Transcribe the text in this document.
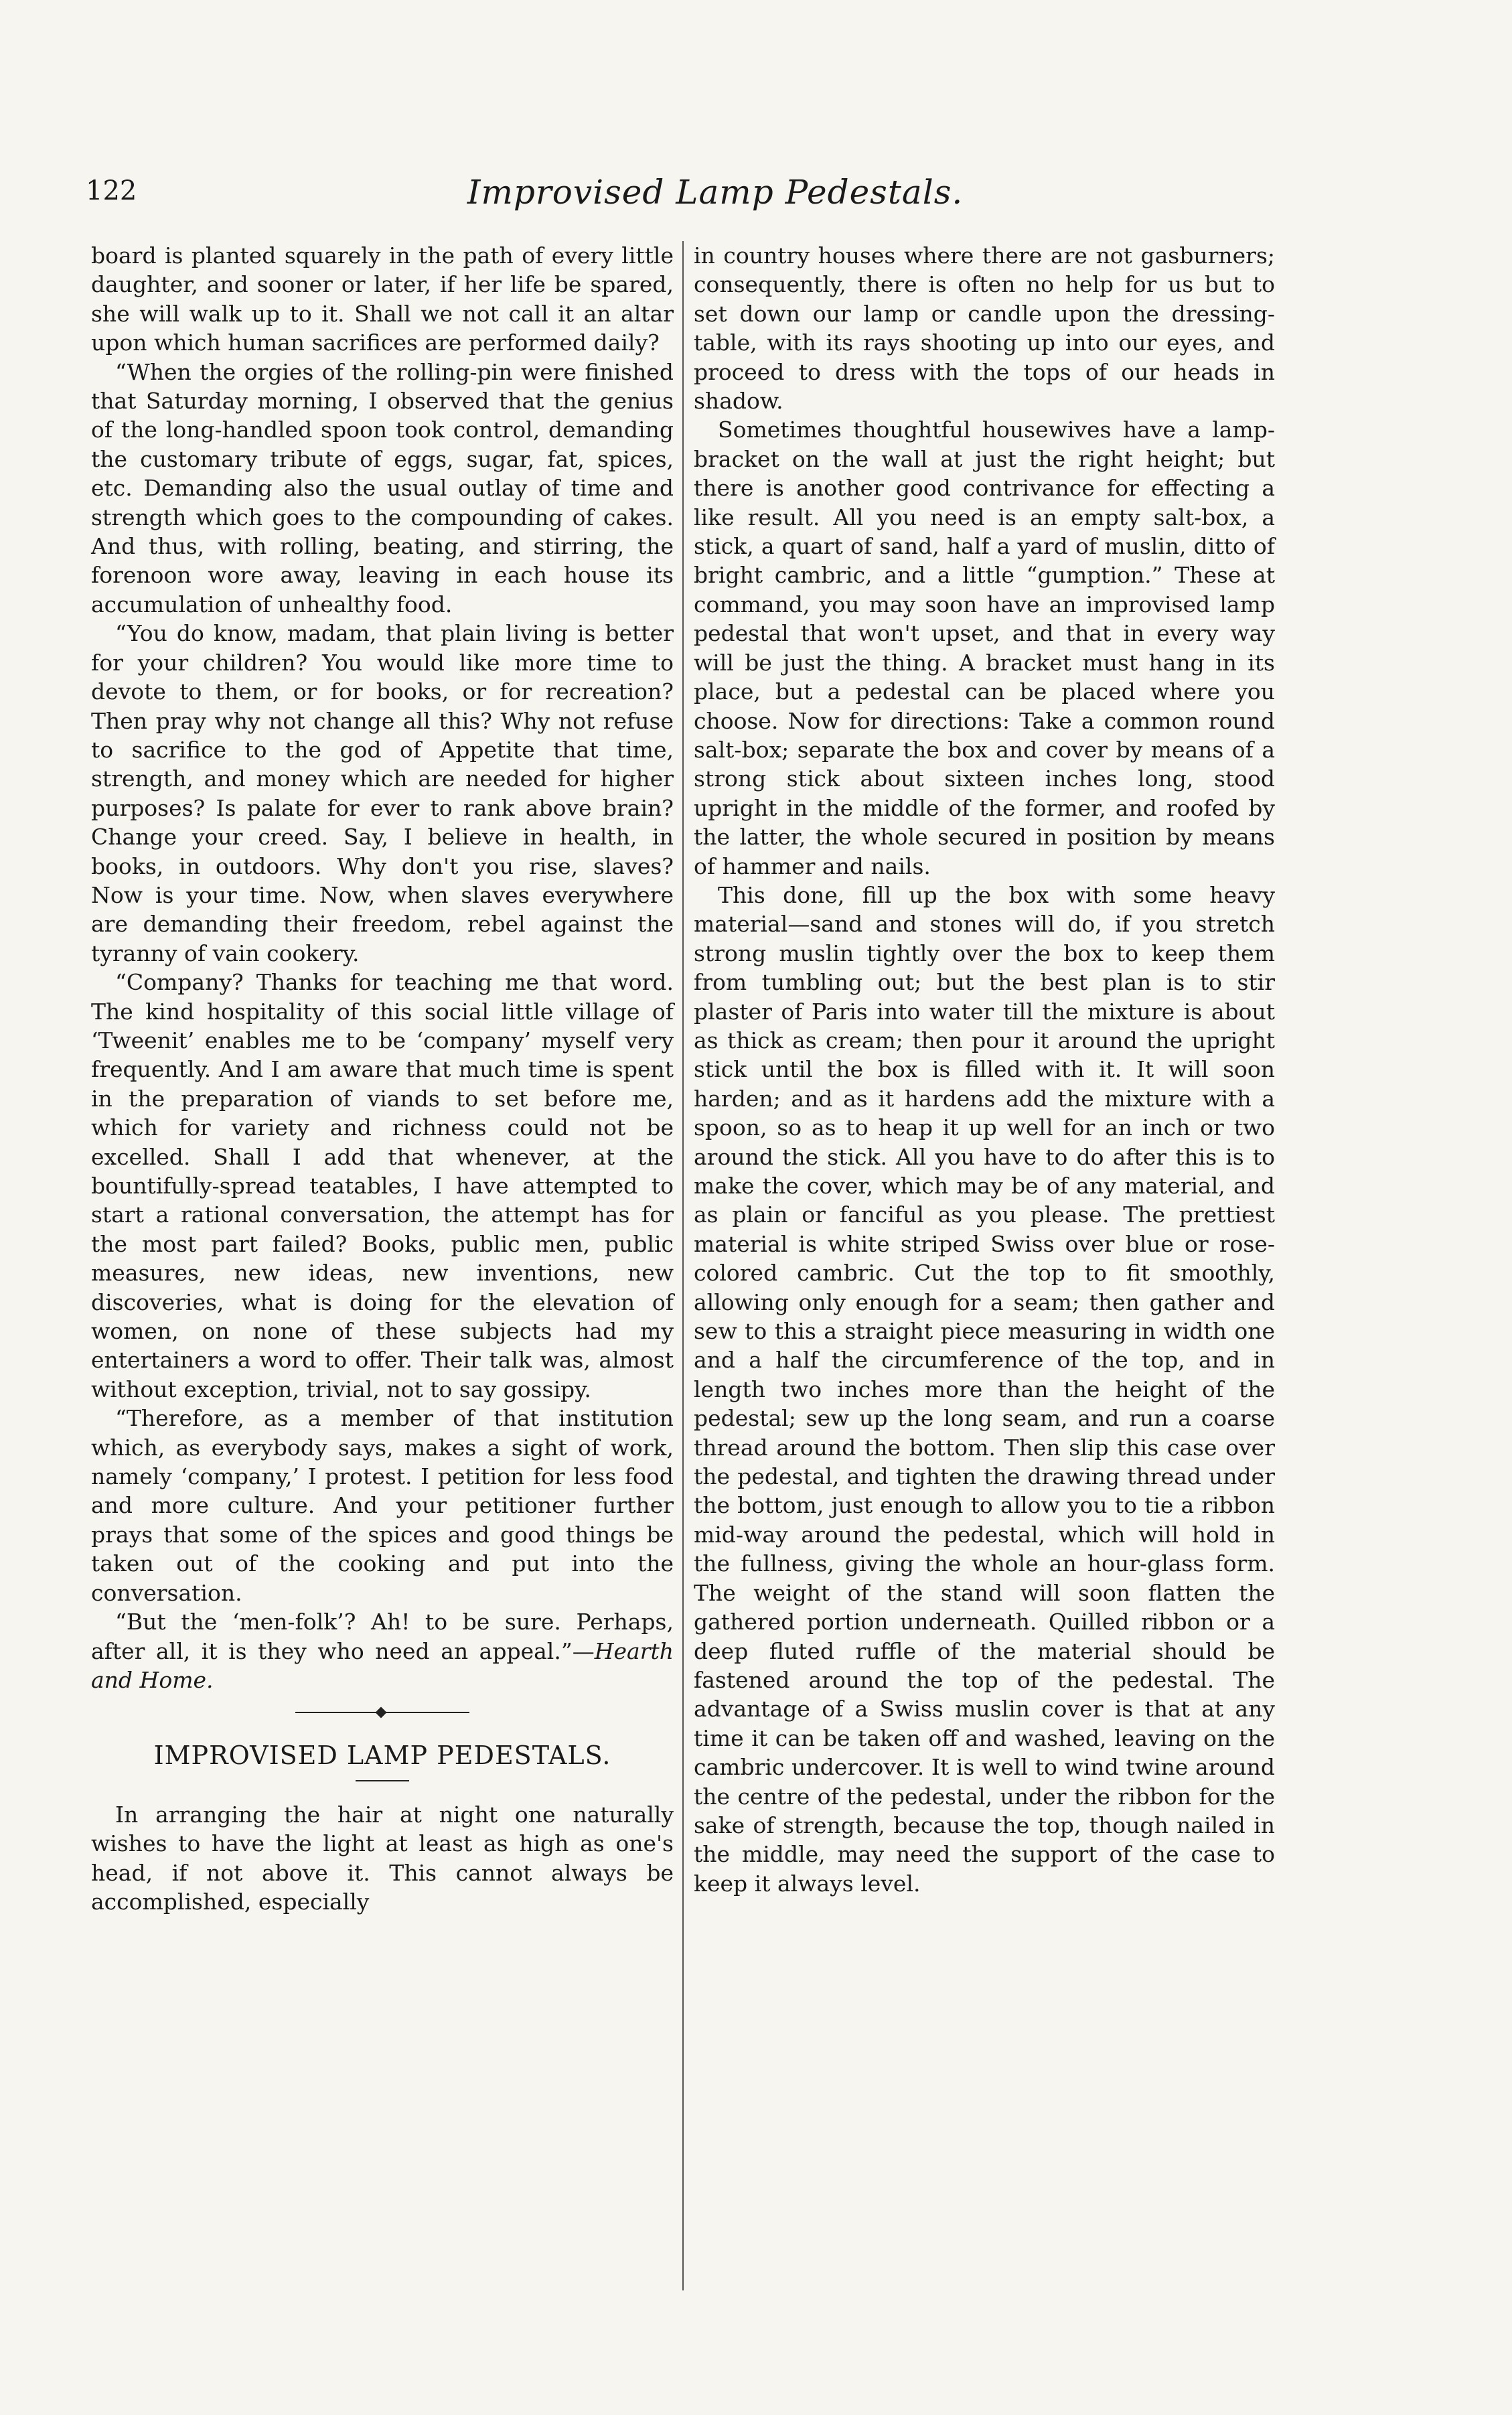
122	Improvised Lamp Pedestals.

board is planted squarely in the path of every little daughter, and sooner or later, if her life be spared, she will walk up to it. Shall we not call it an altar upon which human sacrifices are performed daily?

“When the orgies of the rolling-pin were finished that Saturday morning, I observed that the genius of the long-handled spoon took control, demanding the customary tribute of eggs, sugar, fat, spices, etc. Demanding also the usual outlay of time and strength which goes to the compounding of cakes. And thus, with rolling, beating, and stirring, the forenoon wore away, leaving in each house its accumulation of unhealthy food.

“You do know, madam, that plain living is better for your children? You would like more time to devote to them, or for books, or for recreation? Then pray why not change all this? Why not refuse to sacrifice to the god of Appetite that time, strength, and money which are needed for higher purposes? Is palate for ever to rank above brain? Change your creed. Say, I believe in health, in books, in outdoors. Why don't you rise, slaves? Now is your time. Now, when slaves everywhere are demanding their freedom, rebel against the tyranny of vain cookery.

“Company? Thanks for teaching me that word. The kind hospitality of this social little village of ‘Tweenit’ enables me to be ‘company’ myself very frequently. And I am aware that much time is spent in the preparation of viands to set before me, which for variety and richness could not be excelled. Shall I add that whenever, at the bountifully-spread teatables, I have attempted to start a rational conversation, the attempt has for the most part failed? Books, public men, public measures, new ideas, new inventions, new discoveries, what is doing for the elevation of women, on none of these subjects had my entertainers a word to offer. Their talk was, almost without exception, trivial, not to say gossipy.

“Therefore, as a member of that institution which, as everybody says, makes a sight of work, namely ‘company,’ I protest. I petition for less food and more culture. And your petitioner further prays that some of the spices and good things be taken out of the cooking and put into the conversation.

“But the ‘men-folk’? Ah! to be sure. Perhaps, after all, it is they who need an appeal.”—Hearth and Home.

IMPROVISED LAMP PEDESTALS.

In arranging the hair at night one naturally wishes to have the light at least as high as one's head, if not above it. This cannot always be accomplished, especially

in country houses where there are not gasburners; consequently, there is often no help for us but to set down our lamp or candle upon the dressing-table, with its rays shooting up into our eyes, and proceed to dress with the tops of our heads in shadow.

Sometimes thoughtful housewives have a lamp-bracket on the wall at just the right height; but there is another good contrivance for effecting a like result. All you need is an empty salt-box, a stick, a quart of sand, half a yard of muslin, ditto of bright cambric, and a little “gumption.” These at command, you may soon have an improvised lamp pedestal that won't upset, and that in every way will be just the thing. A bracket must hang in its place, but a pedestal can be placed where you choose. Now for directions: Take a common round salt-box; separate the box and cover by means of a strong stick about sixteen inches long, stood upright in the middle of the former, and roofed by the latter, the whole secured in position by means of hammer and nails.

This done, fill up the box with some heavy material—sand and stones will do, if you stretch strong muslin tightly over the box to keep them from tumbling out; but the best plan is to stir plaster of Paris into water till the mixture is about as thick as cream; then pour it around the upright stick until the box is filled with it. It will soon harden; and as it hardens add the mixture with a spoon, so as to heap it up well for an inch or two around the stick. All you have to do after this is to make the cover, which may be of any material, and as plain or fanciful as you please. The prettiest material is white striped Swiss over blue or rose-colored cambric. Cut the top to fit smoothly, allowing only enough for a seam; then gather and sew to this a straight piece measuring in width one and a half the circumference of the top, and in length two inches more than the height of the pedestal; sew up the long seam, and run a coarse thread around the bottom. Then slip this case over the pedestal, and tighten the drawing thread under the bottom, just enough to allow you to tie a ribbon mid-way around the pedestal, which will hold in the fullness, giving the whole an hour-glass form. The weight of the stand will soon flatten the gathered portion underneath. Quilled ribbon or a deep fluted ruffle of the material should be fastened around the top of the pedestal. The advantage of a Swiss muslin cover is that at any time it can be taken off and washed, leaving on the cambric undercover. It is well to wind twine around the centre of the pedestal, under the ribbon for the sake of strength, because the top, though nailed in the middle, may need the support of the case to keep it always level.
